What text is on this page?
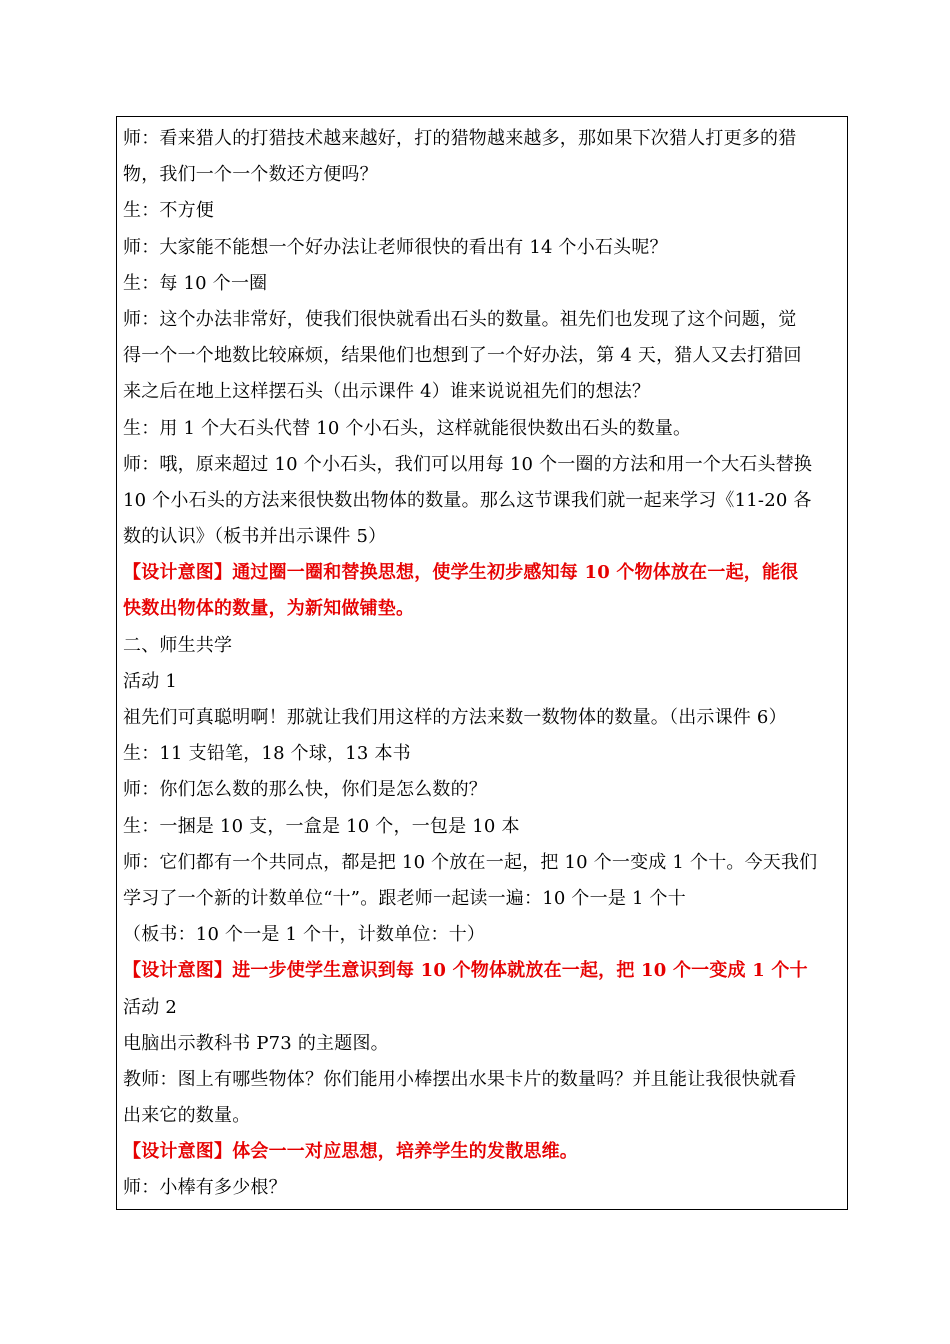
师：看来猎人的打猎技术越来越好，打的猎物越来越多，那如果下次猎人打更多的猎
物，我们一个一个数还方便吗？
生：不方便
师：大家能不能想一个好办法让老师很快的看出有 14 个小石头呢？
生：每 10 个一圈
师：这个办法非常好，使我们很快就看出石头的数量。祖先们也发现了这个问题，觉
得一个一个地数比较麻烦，结果他们也想到了一个好办法，第 4 天，猎人又去打猎回
来之后在地上这样摆石头（出示课件 4）谁来说说祖先们的想法？
生：用 1 个大石头代替 10 个小石头，这样就能很快数出石头的数量。
师：哦，原来超过 10 个小石头，我们可以用每 10 个一圈的方法和用一个大石头替换
10 个小石头的方法来很快数出物体的数量。那么这节课我们就一起来学习《11-20 各
数的认识》（板书并出示课件 5）
【设计意图】通过圈一圈和替换思想，使学生初步感知每 10 个物体放在一起，能很
快数出物体的数量，为新知做铺垫。
二、师生共学
活动 1
祖先们可真聪明啊！那就让我们用这样的方法来数一数物体的数量。（出示课件 6）
生：11 支铅笔，18 个球，13 本书
师：你们怎么数的那么快，你们是怎么数的？
生：一捆是 10 支，一盒是 10 个，一包是 10 本
师：它们都有一个共同点，都是把 10 个放在一起，把 10 个一变成 1 个十。今天我们
学习了一个新的计数单位“十”。跟老师一起读一遍：10 个一是 1 个十
（板书：10 个一是 1 个十，计数单位：十）
【设计意图】进一步使学生意识到每 10 个物体就放在一起，把 10 个一变成 1 个十
活动 2
电脑出示教科书 P73 的主题图。
教师：图上有哪些物体？你们能用小棒摆出水果卡片的数量吗？并且能让我很快就看
出来它的数量。
【设计意图】体会一一对应思想，培养学生的发散思维。
师：小棒有多少根？
